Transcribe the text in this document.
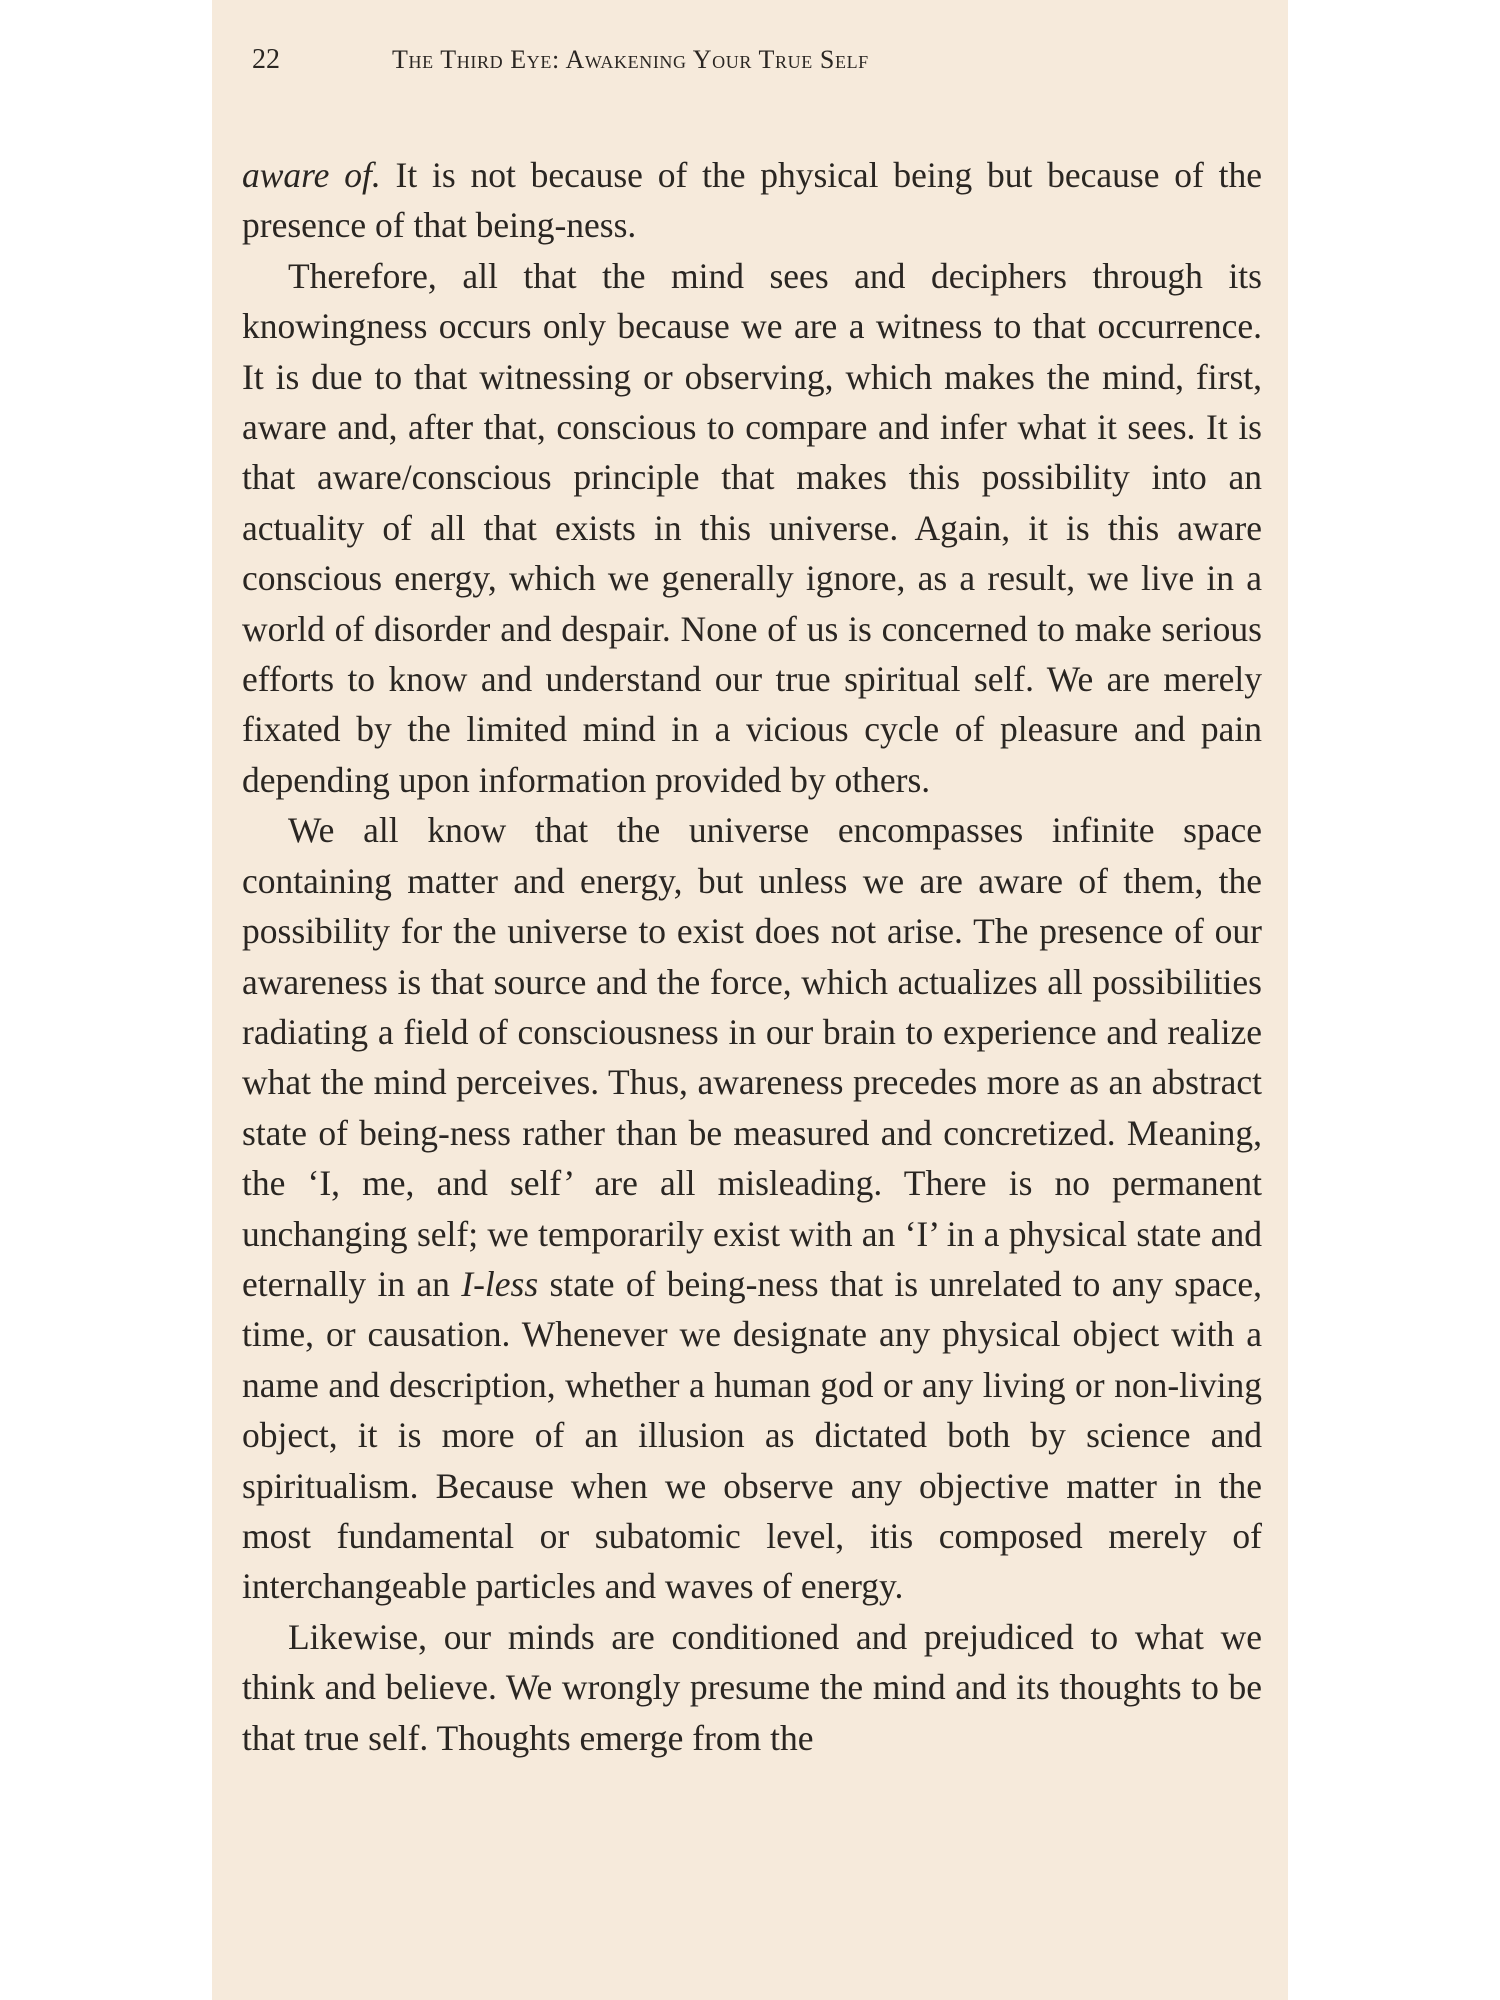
22	The Third Eye: Awakening Your True Self

aware of. It is not because of the physical being but because of the presence of that being-ness.

Therefore, all that the mind sees and deciphers through its knowingness occurs only because we are a witness to that occurrence. It is due to that witnessing or observing, which makes the mind, first, aware and, after that, conscious to compare and infer what it sees. It is that aware/conscious principle that makes this possibility into an actuality of all that exists in this universe. Again, it is this aware conscious energy, which we generally ignore, as a result, we live in a world of disorder and despair. None of us is concerned to make serious efforts to know and understand our true spiritual self. We are merely fixated by the limited mind in a vicious cycle of pleasure and pain depending upon information provided by others.

We all know that the universe encompasses infinite space containing matter and energy, but unless we are aware of them, the possibility for the universe to exist does not arise. The presence of our awareness is that source and the force, which actualizes all possibilities radiating a field of consciousness in our brain to experience and realize what the mind perceives. Thus, awareness precedes more as an abstract state of being-ness rather than be measured and concretized. Meaning, the ‘I, me, and self’ are all misleading. There is no permanent unchanging self; we temporarily exist with an ‘I’ in a physical state and eternally in an I-less state of being-ness that is unrelated to any space, time, or causation. Whenever we designate any physical object with a name and description, whether a human god or any living or non-living object, it is more of an illusion as dictated both by science and spiritualism. Because when we observe any objective matter in the most fundamental or subatomic level, itis composed merely of interchangeable particles and waves of energy.

Likewise, our minds are conditioned and prejudiced to what we think and believe. We wrongly presume the mind and its thoughts to be that true self. Thoughts emerge from the
